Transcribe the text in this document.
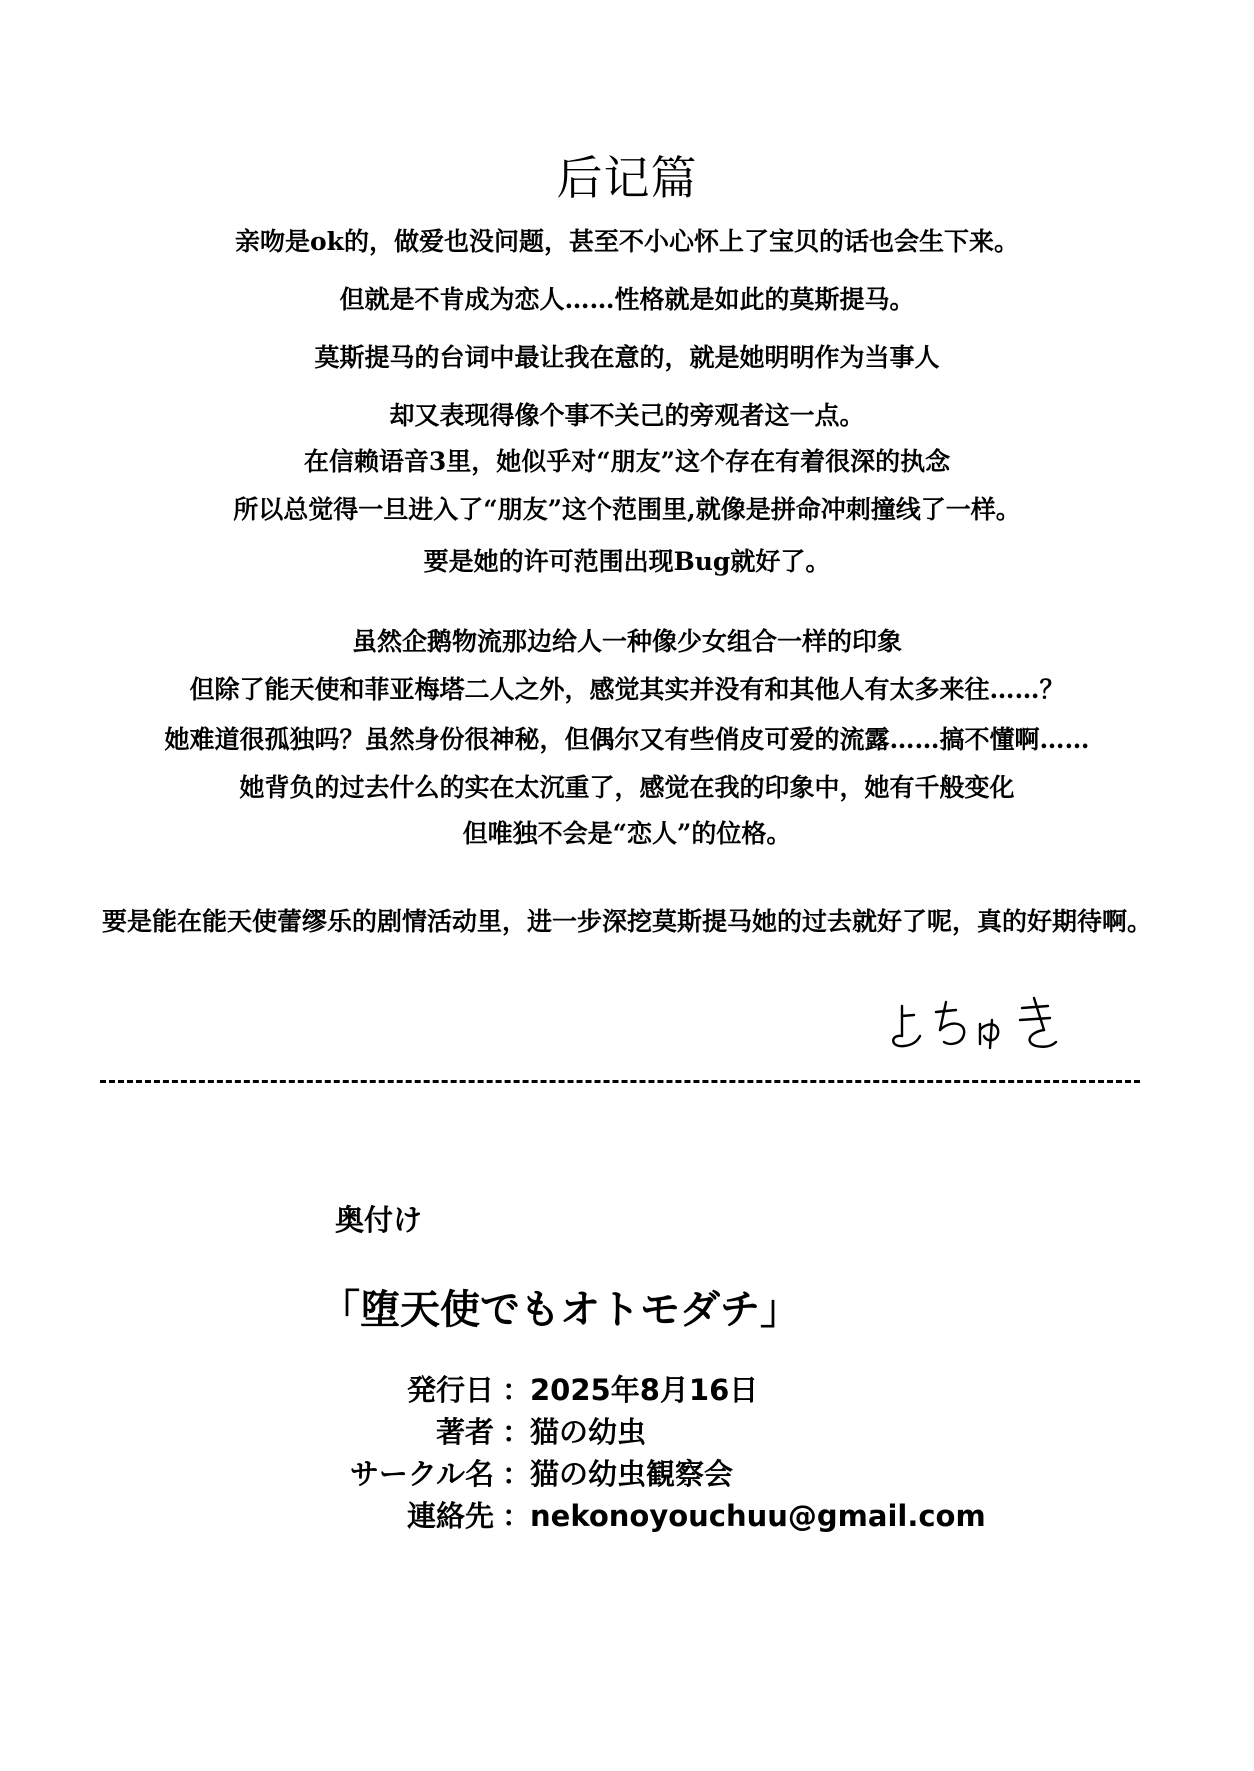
后记篇
亲吻是ok的，做爱也没问题，甚至不小心怀上了宝贝的话也会生下来。
但就是不肯成为恋人……性格就是如此的莫斯提马。
莫斯提马的台词中最让我在意的，就是她明明作为当事人
却又表现得像个事不关己的旁观者这一点。
在信赖语音3里，她似乎对“朋友”这个存在有着很深的执念
所以总觉得一旦进入了“朋友”这个范围里,就像是拼命冲刺撞线了一样。
要是她的许可范围出现Bug就好了。
虽然企鹅物流那边给人一种像少女组合一样的印象
但除了能天使和菲亚梅塔二人之外，感觉其实并没有和其他人有太多来往……？
她难道很孤独吗？虽然身份很神秘，但偶尔又有些俏皮可爱的流露……搞不懂啊……
她背负的过去什么的实在太沉重了，感觉在我的印象中，她有千般变化
但唯独不会是“恋人”的位格。
要是能在能天使蕾缪乐的剧情活动里，进一步深挖莫斯提马她的过去就好了呢，真的好期待啊。
奥付け
「堕天使でもオトモダチ」
発行日 ：
2025年8月16日
著者 ：
猫の幼虫
サークル名 ：
猫の幼虫観察会
連絡先 ：
nekonoyouchuu@gmail.com
